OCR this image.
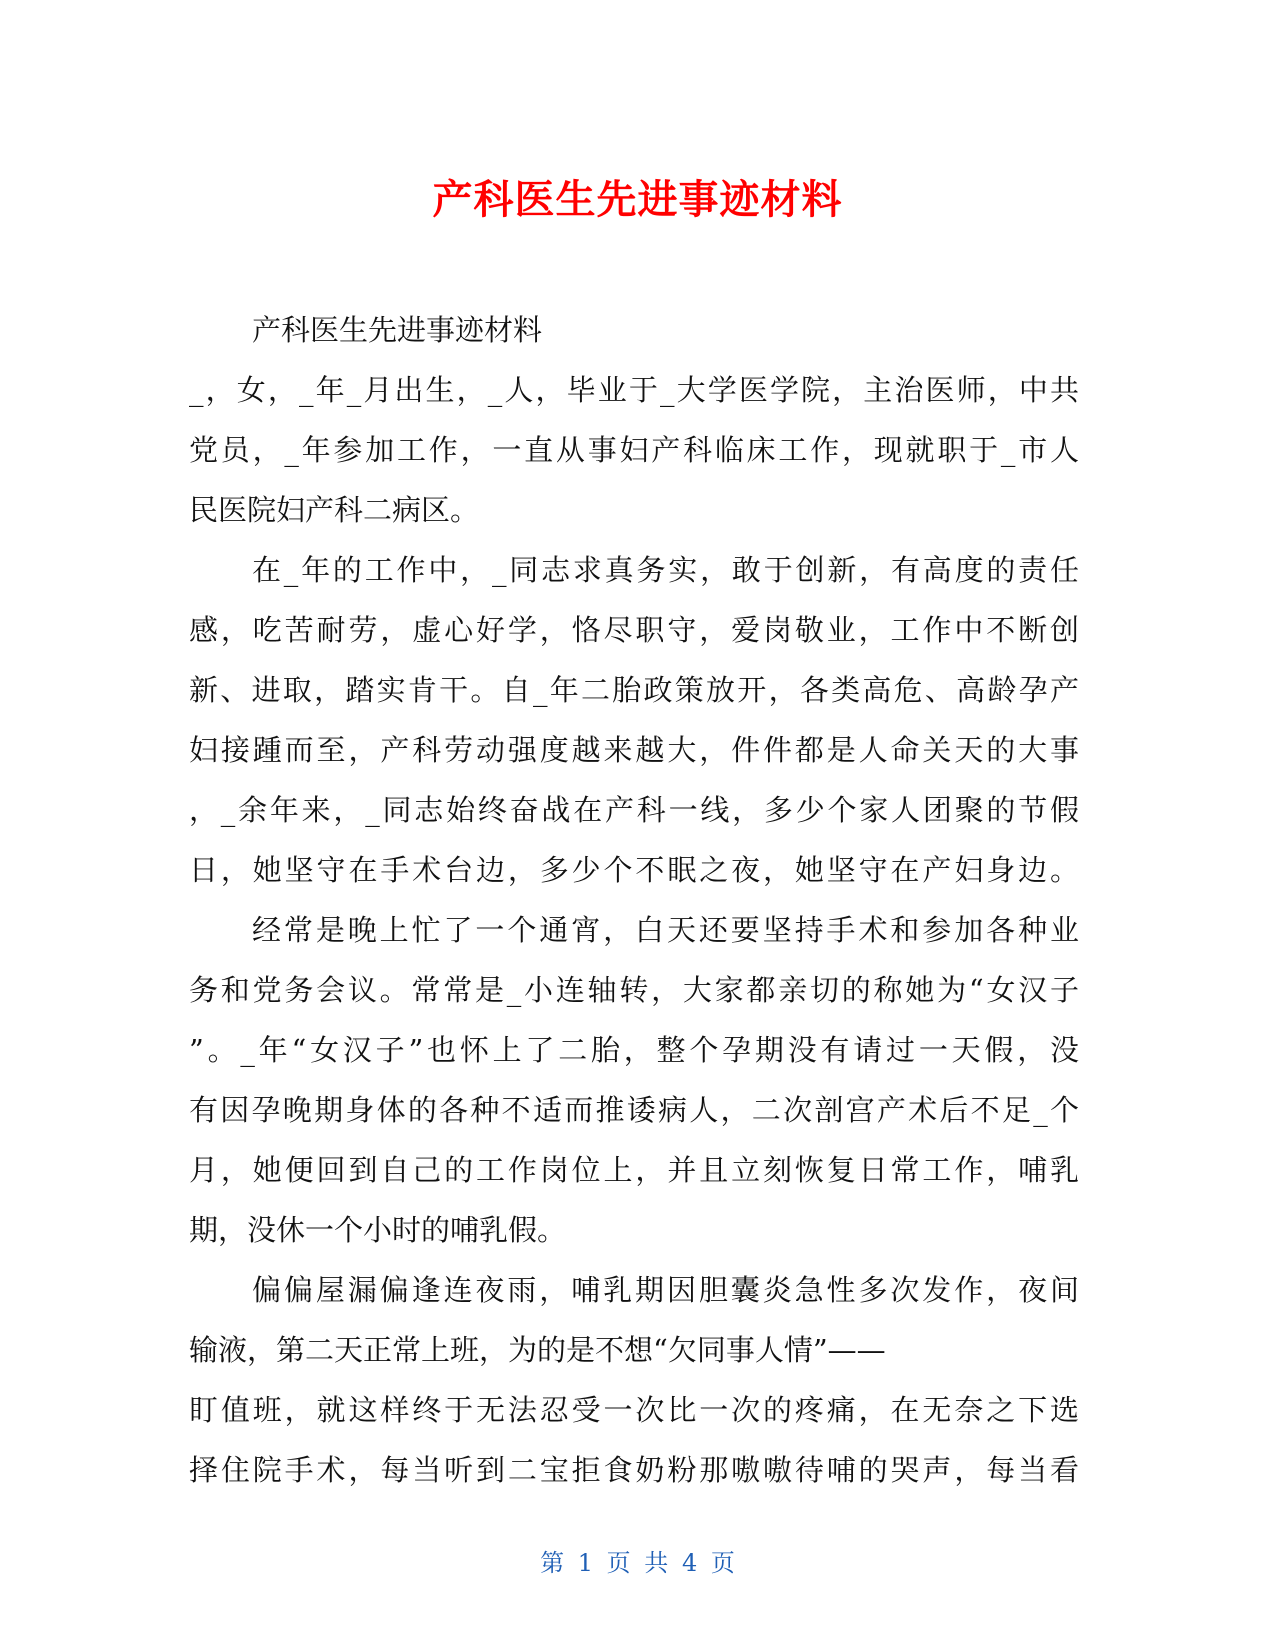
产科医生先进事迹材料
产科医生先进事迹材料
_，女，_年_月出生，_人，毕业于_大学医学院，主治医师，中共
党员，_年参加工作，一直从事妇产科临床工作，现就职于_市人
民医院妇产科二病区。
在_年的工作中，_同志求真务实，敢于创新，有高度的责任
感，吃苦耐劳，虚心好学，恪尽职守，爱岗敬业，工作中不断创
新、进取，踏实肯干。自_年二胎政策放开，各类高危、高龄孕产
妇接踵而至，产科劳动强度越来越大，件件都是人命关天的大事
，_余年来，_同志始终奋战在产科一线，多少个家人团聚的节假
日，她坚守在手术台边，多少个不眠之夜，她坚守在产妇身边。
经常是晚上忙了一个通宵，白天还要坚持手术和参加各种业
务和党务会议。常常是_小连轴转，大家都亲切的称她为“女汉子
”。_年“女汉子”也怀上了二胎，整个孕期没有请过一天假，没
有因孕晚期身体的各种不适而推诿病人，二次剖宫产术后不足_个
月，她便回到自己的工作岗位上，并且立刻恢复日常工作，哺乳
期，没休一个小时的哺乳假。
偏偏屋漏偏逢连夜雨，哺乳期因胆囊炎急性多次发作，夜间
输液，第二天正常上班，为的是不想“欠同事人情”——
盯值班，就这样终于无法忍受一次比一次的疼痛，在无奈之下选
择住院手术，每当听到二宝拒食奶粉那嗷嗷待哺的哭声，每当看
第 1 页 共 4 页
